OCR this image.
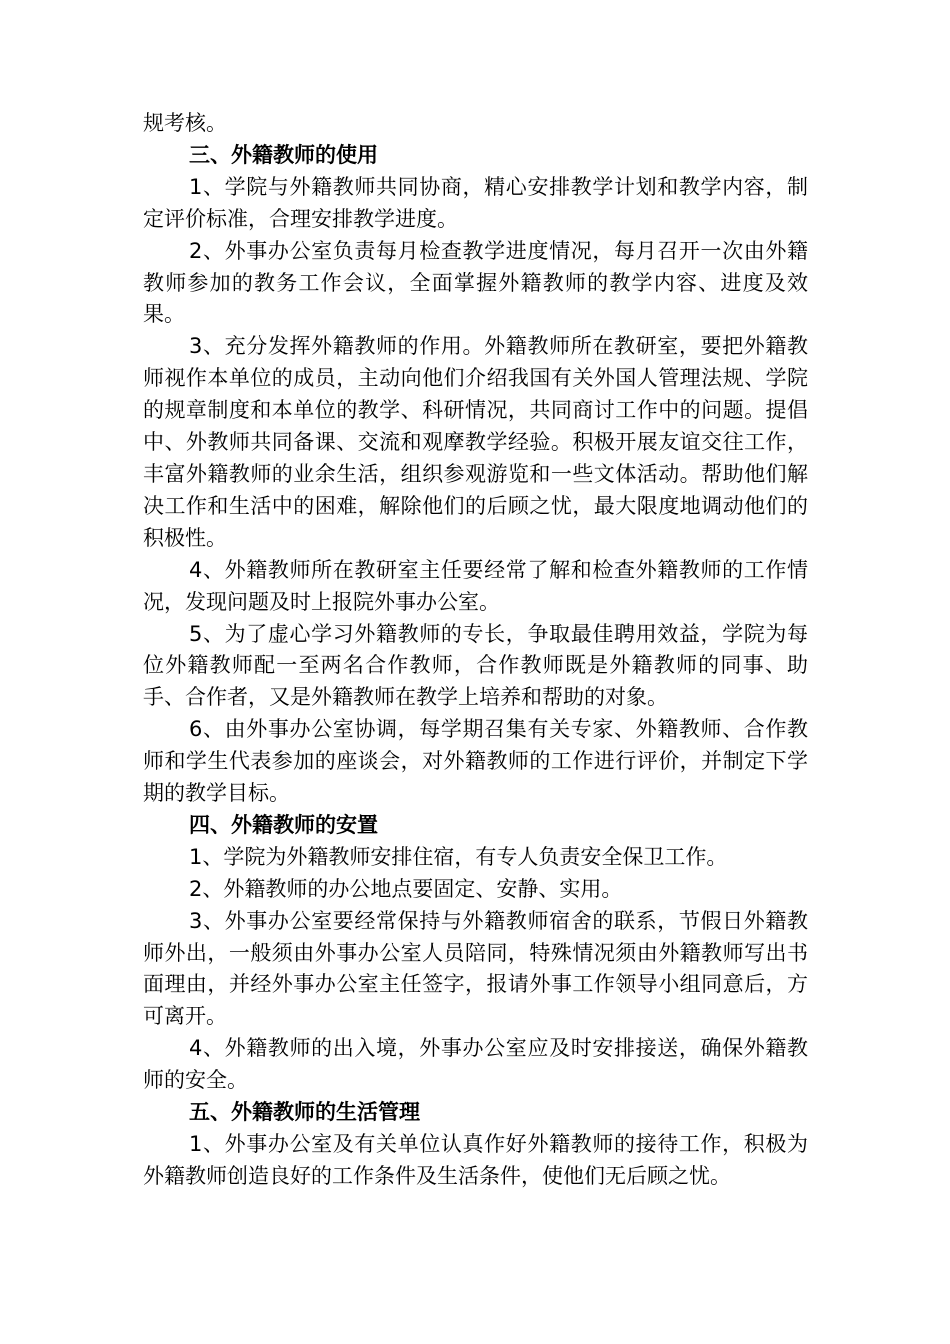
规考核。

三、外籍教师的使用

1、学院与外籍教师共同协商，精心安排教学计划和教学内容，制定评价标准，合理安排教学进度。

2、外事办公室负责每月检查教学进度情况，每月召开一次由外籍教师参加的教务工作会议，全面掌握外籍教师的教学内容、进度及效果。

3、充分发挥外籍教师的作用。外籍教师所在教研室，要把外籍教师视作本单位的成员，主动向他们介绍我国有关外国人管理法规、学院的规章制度和本单位的教学、科研情况，共同商讨工作中的问题。提倡中、外教师共同备课、交流和观摩教学经验。积极开展友谊交往工作，丰富外籍教师的业余生活，组织参观游览和一些文体活动。帮助他们解决工作和生活中的困难，解除他们的后顾之忧，最大限度地调动他们的积极性。

4、外籍教师所在教研室主任要经常了解和检查外籍教师的工作情况，发现问题及时上报院外事办公室。

5、为了虚心学习外籍教师的专长，争取最佳聘用效益，学院为每位外籍教师配一至两名合作教师，合作教师既是外籍教师的同事、助手、合作者，又是外籍教师在教学上培养和帮助的对象。

6、由外事办公室协调，每学期召集有关专家、外籍教师、合作教师和学生代表参加的座谈会，对外籍教师的工作进行评价，并制定下学期的教学目标。

四、外籍教师的安置

1、学院为外籍教师安排住宿，有专人负责安全保卫工作。

2、外籍教师的办公地点要固定、安静、实用。

3、外事办公室要经常保持与外籍教师宿舍的联系，节假日外籍教师外出，一般须由外事办公室人员陪同，特殊情况须由外籍教师写出书面理由，并经外事办公室主任签字，报请外事工作领导小组同意后，方可离开。

4、外籍教师的出入境，外事办公室应及时安排接送，确保外籍教师的安全。

五、外籍教师的生活管理

1、外事办公室及有关单位认真作好外籍教师的接待工作，积极为外籍教师创造良好的工作条件及生活条件，使他们无后顾之忧。
